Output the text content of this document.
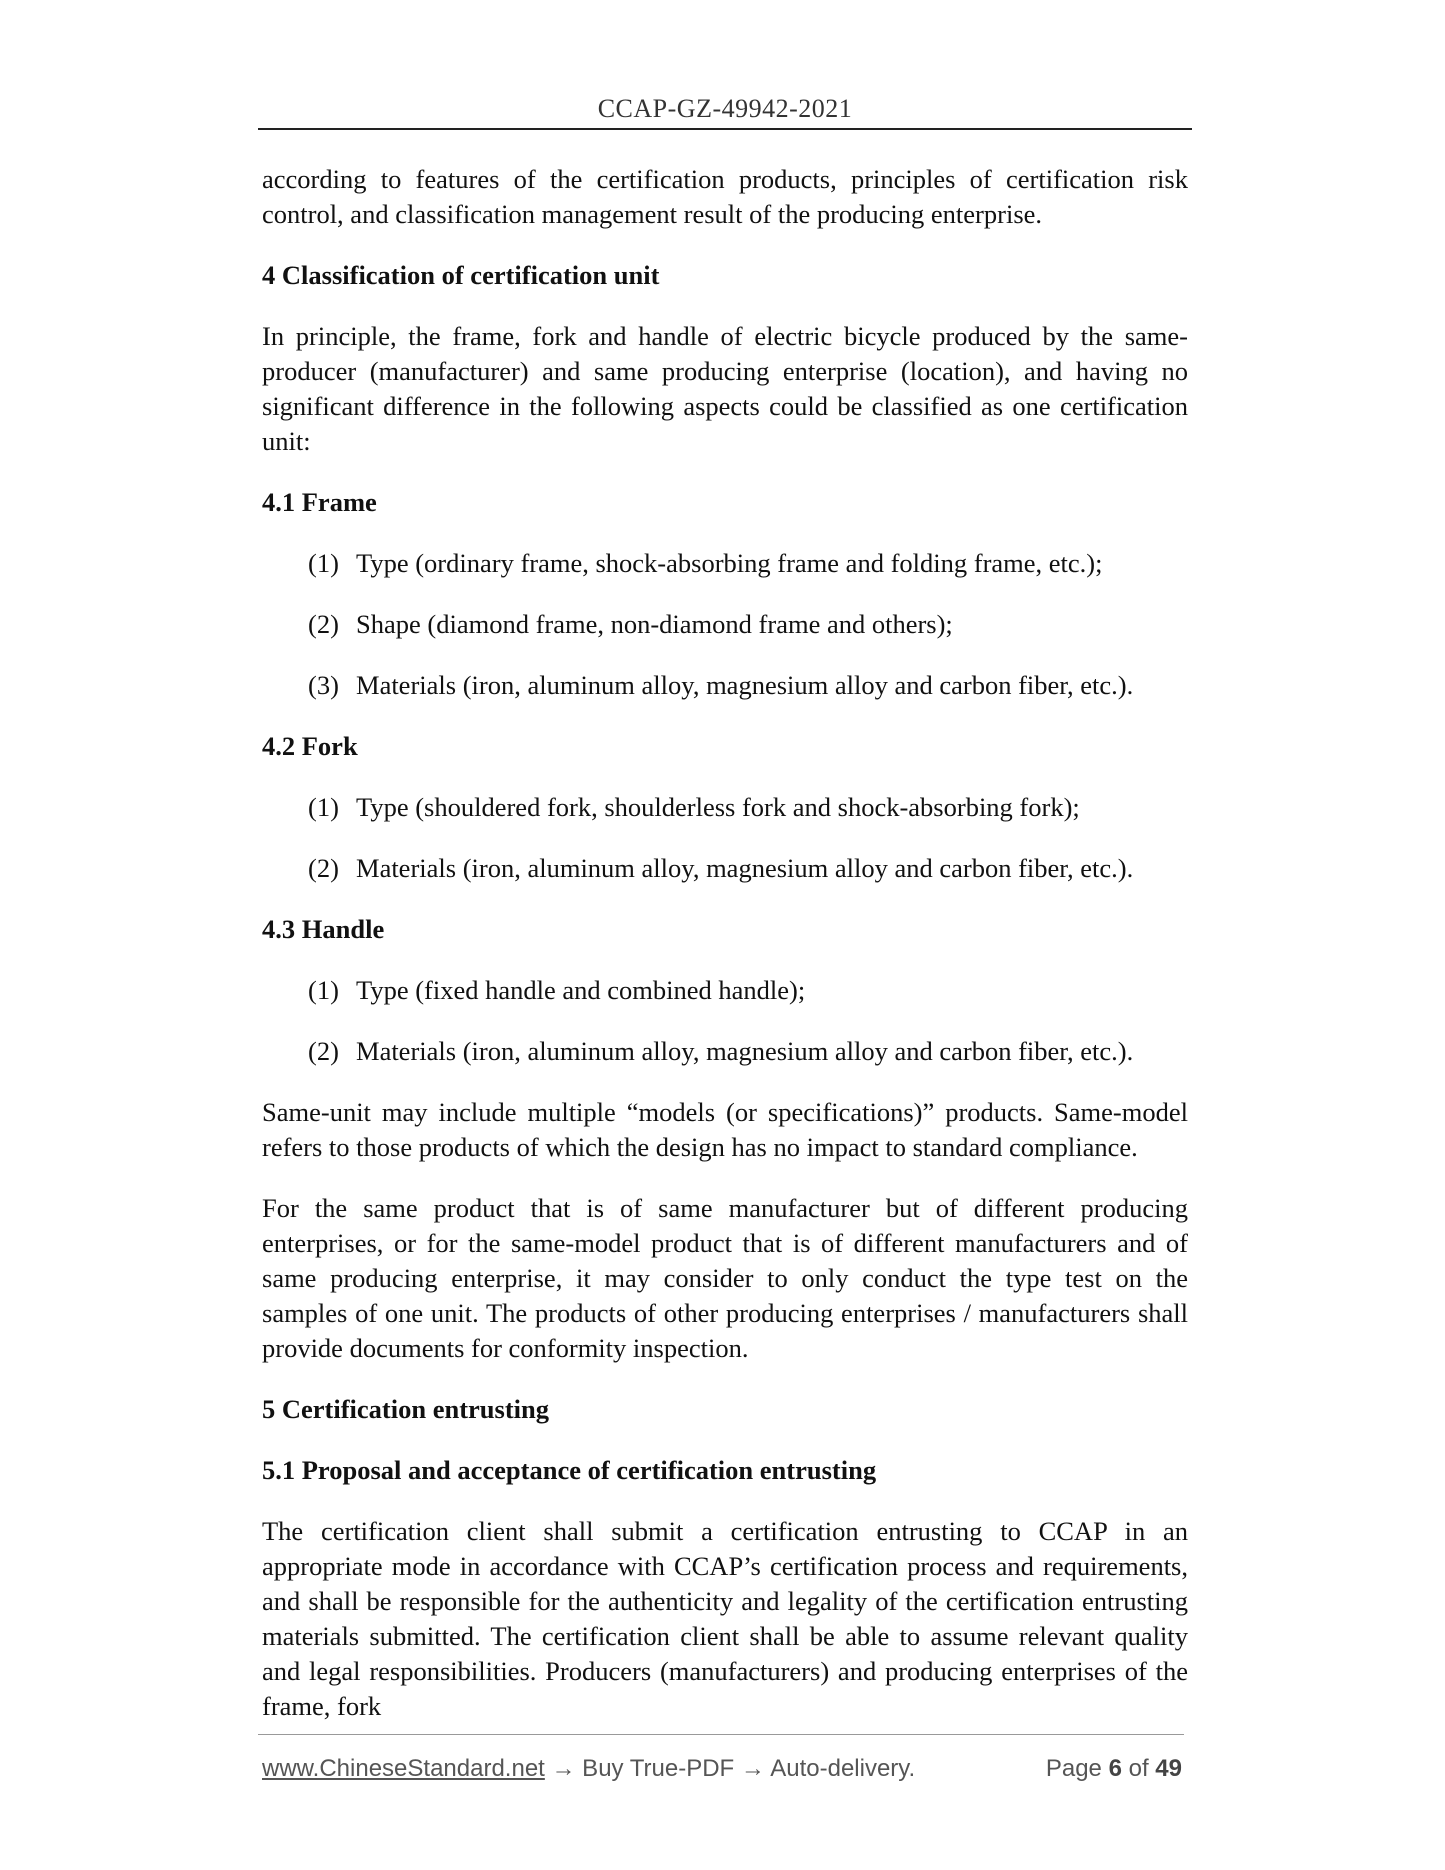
CCAP-GZ-49942-2021

according to features of the certification products, principles of certification risk control, and classification management result of the producing enterprise.

4 Classification of certification unit

In principle, the frame, fork and handle of electric bicycle produced by the same-producer (manufacturer) and same producing enterprise (location), and having no significant difference in the following aspects could be classified as one certification unit:

4.1 Frame
(1) Type (ordinary frame, shock-absorbing frame and folding frame, etc.);
(2) Shape (diamond frame, non-diamond frame and others);
(3) Materials (iron, aluminum alloy, magnesium alloy and carbon fiber, etc.).
4.2 Fork
(1) Type (shouldered fork, shoulderless fork and shock-absorbing fork);
(2) Materials (iron, aluminum alloy, magnesium alloy and carbon fiber, etc.).
4.3 Handle
(1) Type (fixed handle and combined handle);
(2) Materials (iron, aluminum alloy, magnesium alloy and carbon fiber, etc.).

Same-unit may include multiple “models (or specifications)” products. Same-model refers to those products of which the design has no impact to standard compliance.

For the same product that is of same manufacturer but of different producing enterprises, or for the same-model product that is of different manufacturers and of same producing enterprise, it may consider to only conduct the type test on the samples of one unit. The products of other producing enterprises / manufacturers shall provide documents for conformity inspection.

5 Certification entrusting
5.1 Proposal and acceptance of certification entrusting

The certification client shall submit a certification entrusting to CCAP in an appropriate mode in accordance with CCAP’s certification process and requirements, and shall be responsible for the authenticity and legality of the certification entrusting materials submitted. The certification client shall be able to assume relevant quality and legal responsibilities. Producers (manufacturers) and producing enterprises of the frame, fork

www.ChineseStandard.net → Buy True-PDF → Auto-delivery.	Page 6 of 49
